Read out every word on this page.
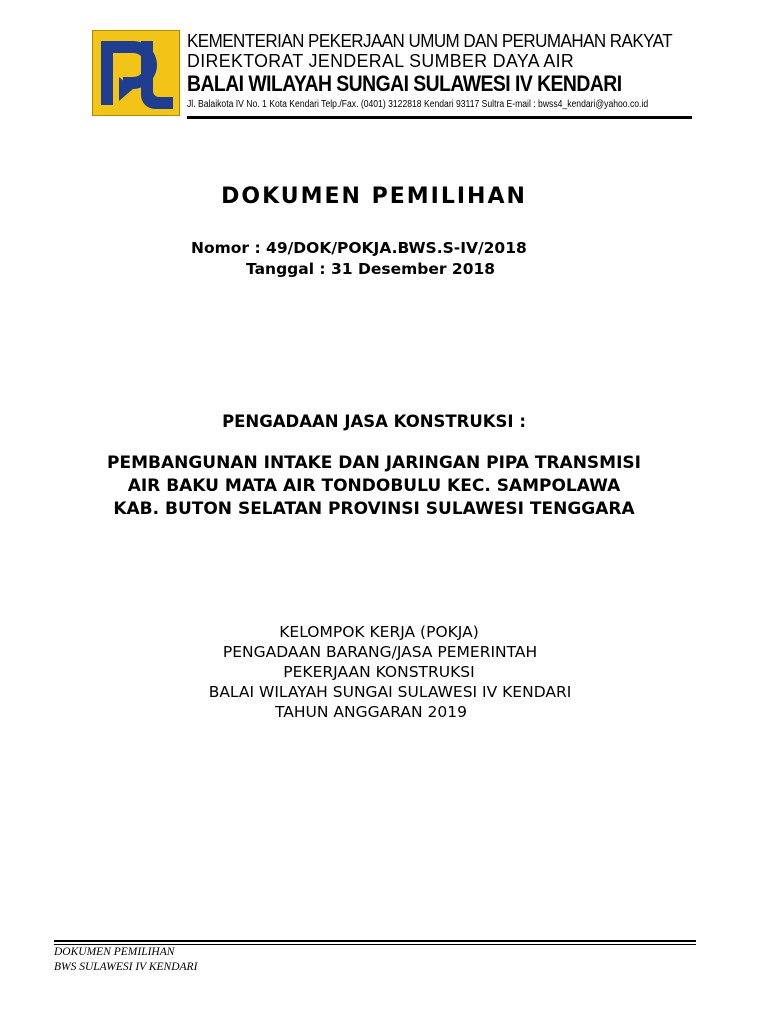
KEMENTERIAN PEKERJAAN UMUM DAN PERUMAHAN RAKYAT
DIREKTORAT JENDERAL SUMBER DAYA AIR
BALAI WILAYAH SUNGAI SULAWESI IV KENDARI
Jl. Balaikota IV No. 1 Kota Kendari Telp./Fax. (0401) 3122818 Kendari 93117 Sultra E-mail : bwss4_kendari@yahoo.co.id
DOKUMEN PEMILIHAN
Nomor : 49/DOK/POKJA.BWS.S-IV/2018
Tanggal : 31 Desember 2018
PENGADAAN JASA KONSTRUKSI :
PEMBANGUNAN INTAKE DAN JARINGAN PIPA TRANSMISI
AIR BAKU MATA AIR TONDOBULU KEC. SAMPOLAWA
KAB. BUTON SELATAN PROVINSI SULAWESI TENGGARA
KELOMPOK KERJA (POKJA)
PENGADAAN BARANG/JASA PEMERINTAH
PEKERJAAN KONSTRUKSI
BALAI WILAYAH SUNGAI SULAWESI IV KENDARI
TAHUN ANGGARAN 2019
DOKUMEN PEMILIHAN
BWS SULAWESI IV KENDARI
